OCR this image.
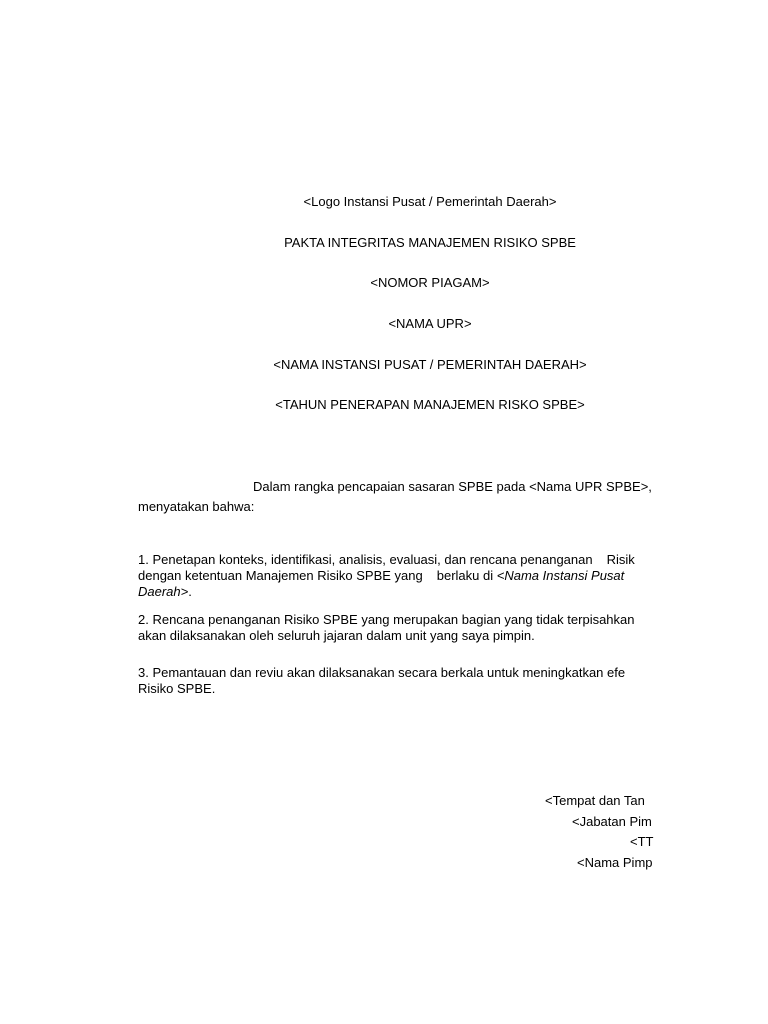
<Logo Instansi Pusat / Pemerintah Daerah>
PAKTA INTEGRITAS MANAJEMEN RISIKO SPBE
<NOMOR PIAGAM>
<NAMA UPR>
<NAMA INSTANSI PUSAT / PEMERINTAH DAERAH>
<TAHUN PENERAPAN MANAJEMEN RISKO SPBE>
Dalam rangka pencapaian sasaran SPBE pada <Nama UPR SPBE>,
menyatakan bahwa:
1. Penetapan konteks, identifikasi, analisis, evaluasi, dan rencana penanganan Risik
dengan ketentuan Manajemen Risiko SPBE yang berlaku di <Nama Instansi Pusat
Daerah>.
2. Rencana penanganan Risiko SPBE yang merupakan bagian yang tidak terpisahkan
akan dilaksanakan oleh seluruh jajaran dalam unit yang saya pimpin.
3. Pemantauan dan reviu akan dilaksanakan secara berkala untuk meningkatkan efe
Risiko SPBE.
<Tempat dan Tan
<Jabatan Pim
<TT
<Nama Pimp
